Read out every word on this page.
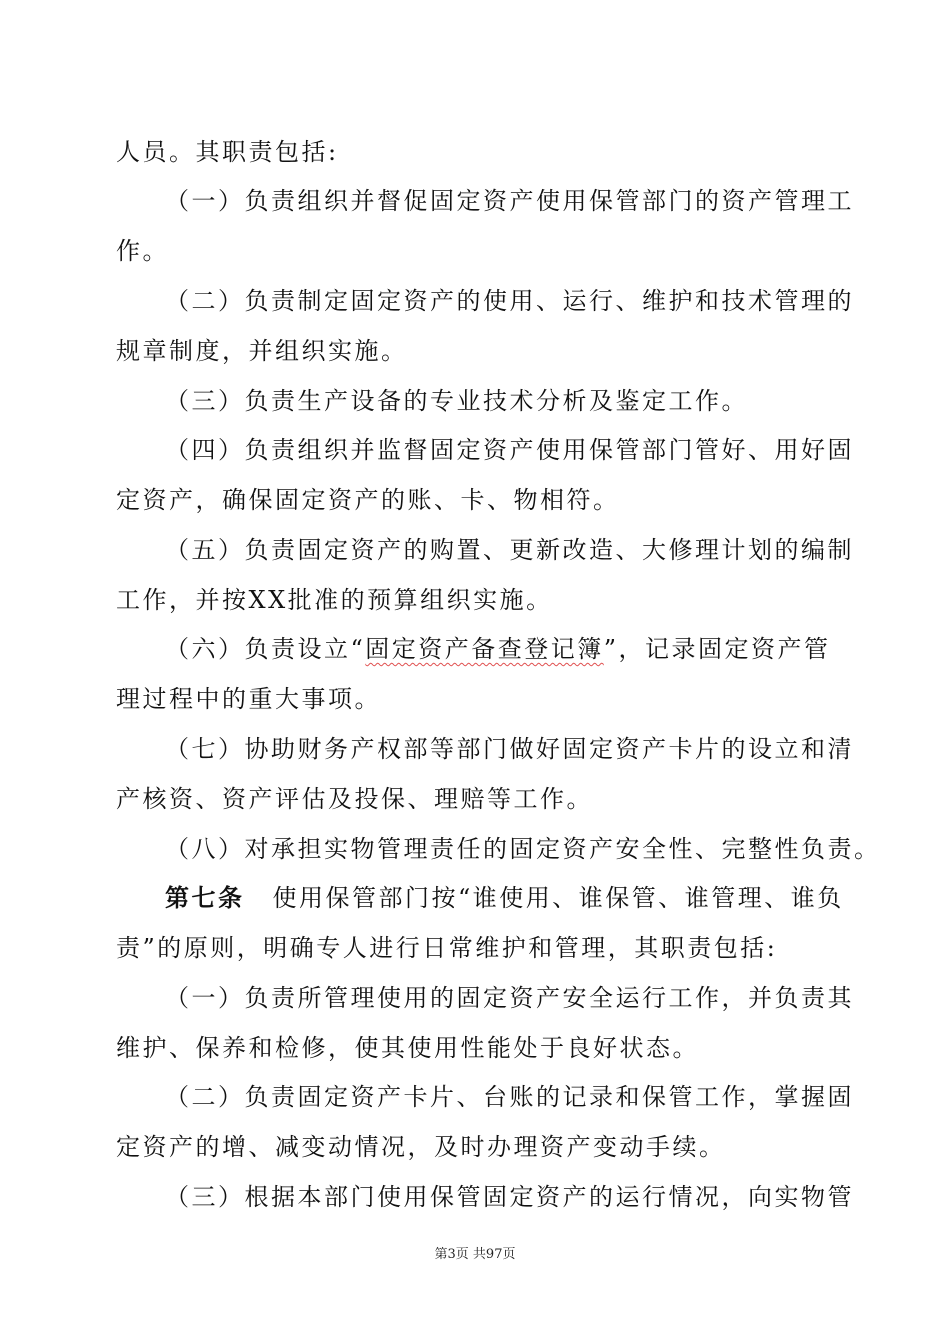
人员。其职责包括:
（一）负责组织并督促固定资产使用保管部门的资产管理工
作。
（二）负责制定固定资产的使用、运行、维护和技术管理的
规章制度，并组织实施。
（三）负责生产设备的专业技术分析及鉴定工作。
（四）负责组织并监督固定资产使用保管部门管好、用好固
定资产，确保固定资产的账、卡、物相符。
（五）负责固定资产的购置、更新改造、大修理计划的编制
工作，并按XX批准的预算组织实施。
（六）负责设立“固定资产备查登记簿”，记录固定资产管
理过程中的重大事项。
（七）协助财务产权部等部门做好固定资产卡片的设立和清
产核资、资产评估及投保、理赔等工作。
（八）对承担实物管理责任的固定资产安全性、完整性负责。
第七条 使用保管部门按“谁使用、谁保管、谁管理、谁负
责”的原则，明确专人进行日常维护和管理，其职责包括:
（一）负责所管理使用的固定资产安全运行工作，并负责其
维护、保养和检修，使其使用性能处于良好状态。
（二）负责固定资产卡片、台账的记录和保管工作，掌握固
定资产的增、减变动情况，及时办理资产变动手续。
（三）根据本部门使用保管固定资产的运行情况，向实物管
第3页 共97页
